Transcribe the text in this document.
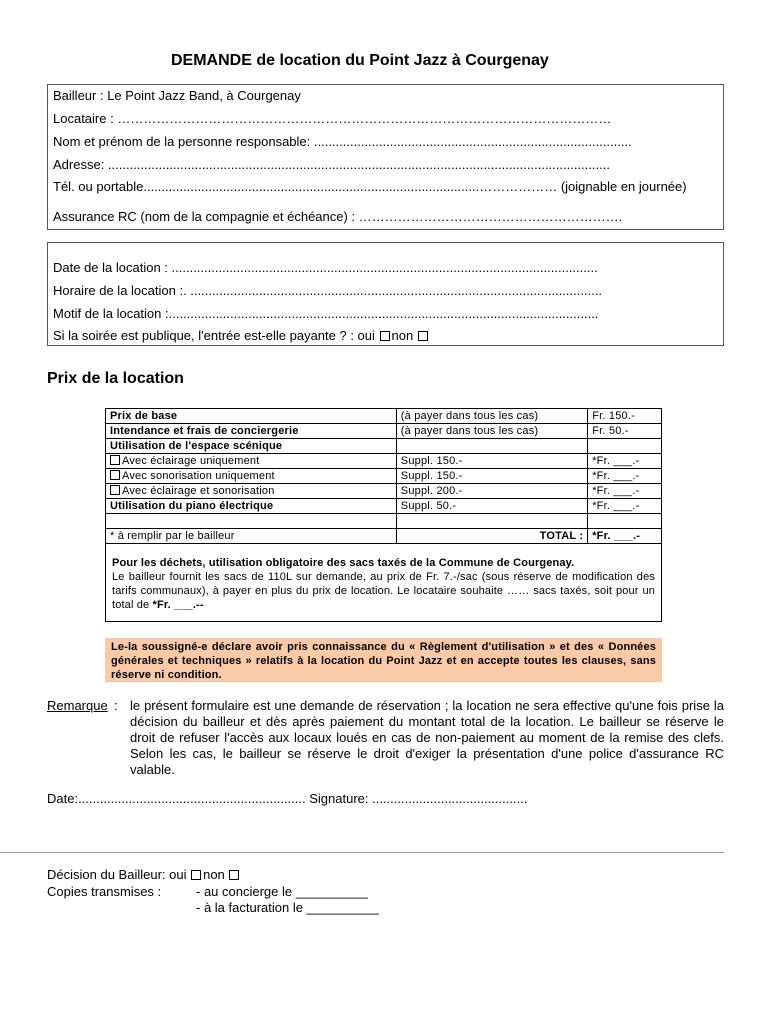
DEMANDE de location du Point Jazz à Courgenay
Bailleur : Le Point Jazz Band, à Courgenay
Locataire : ……………………………………………………………………………………………………
Nom et prénom de la personne responsable: ........................................................................................
Adresse: ...........................................................................................................................................
Tél. ou portable.............................................................................................……………… (joignable en journée)
Assurance RC (nom de la compagnie et échéance) : …………………………………………………….
Date de la location : ......................................................................................................................
Horaire de la location :. ..................................................................................................................
Motif de la location :.......................................................................................................................
Si la soirée est publique, l'entrée est-elle payante ? : oui non
Prix de la location
Prix de base	(à payer dans tous les cas)	Fr. 150.-
Intendance et frais de conciergerie	(à payer dans tous les cas)	Fr. 50.-
Utilisation de l'espace scénique		
Avec éclairage uniquement	Suppl. 150.-	*Fr. ___.-
Avec sonorisation uniquement	Suppl. 150.-	*Fr. ___.-
Avec éclairage et sonorisation	Suppl. 200.-	*Fr. ___.-
Utilisation du piano électrique	Suppl. 50.-	*Fr. ___.-

* à remplir par le bailleur	TOTAL :	*Fr. ___.-
Pour les déchets, utilisation obligatoire des sacs taxés de la Commune de Courgenay.
Le bailleur fournit les sacs de 110L sur demande, au prix de Fr. 7.-/sac (sous réserve de modification des tarifs communaux), à payer en plus du prix de location. Le locataire souhaite …… sacs taxés, soit pour un total de *Fr. ___.--
Le-la soussigné-e déclare avoir pris connaissance du « Règlement d'utilisation » et des « Données générales et techniques » relatifs à la location du Point Jazz et en accepte toutes les clauses, sans réserve ni condition.
Remarque : le présent formulaire est une demande de réservation ; la location ne sera effective qu'une fois prise la décision du bailleur et dès après paiement du montant total de la location. Le bailleur se réserve le droit de refuser l'accès aux locaux loués en cas de non-paiement au moment de la remise des clefs. Selon les cas, le bailleur se réserve le droit d'exiger la présentation d'une police d'assurance RC valable.
Date:............................................................... Signature: ...........................................
Décision du Bailleur: oui non
Copies transmises :	- au concierge le __________
- à la facturation le __________
